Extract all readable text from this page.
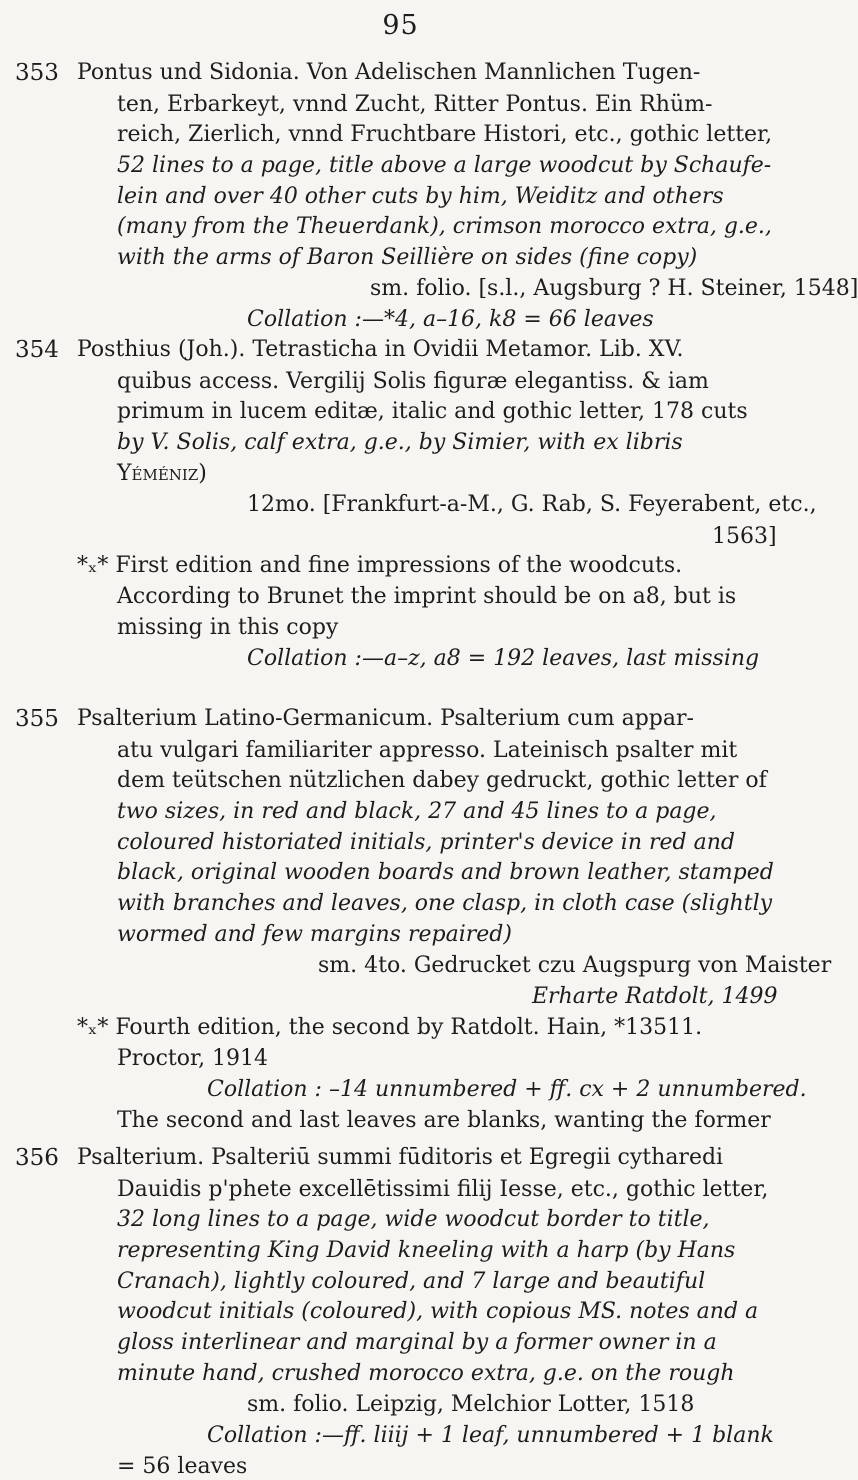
95
353 Pontus und Sidonia. Von Adelischen Mannlichen Tugen-
ten, Erbarkeyt, vnnd Zucht, Ritter Pontus. Ein Rhüm-
reich, Zierlich, vnnd Fruchtbare Histori, etc., gothic letter,
52 lines to a page, title above a large woodcut by Schaufe-
lein and over 40 other cuts by him, Weiditz and others
(many from the Theuerdank), crimson morocco extra, g.e.,
with the arms of Baron Seillière on sides (fine copy)
sm. folio. [s.l., Augsburg ? H. Steiner, 1548]
Collation :—*4, a–16, k8 = 66 leaves
354 Posthius (Joh.). Tetrasticha in Ovidii Metamor. Lib. XV.
quibus access. Vergilij Solis figuræ elegantiss. & iam
primum in lucem editæ, italic and gothic letter, 178 cuts
by V. Solis, calf extra, g.e., by Simier, with ex libris
Yéméniz)
12mo. [Frankfurt-a-M., G. Rab, S. Feyerabent, etc.,
1563]
*ₓ* First edition and fine impressions of the woodcuts.
According to Brunet the imprint should be on a8, but is
missing in this copy
Collation :—a–z, a8 = 192 leaves, last missing
355 Psalterium Latino-Germanicum. Psalterium cum appar-
atu vulgari familiariter appresso. Lateinisch psalter mit
dem teütschen nützlichen dabey gedruckt, gothic letter of
two sizes, in red and black, 27 and 45 lines to a page,
coloured historiated initials, printer's device in red and
black, original wooden boards and brown leather, stamped
with branches and leaves, one clasp, in cloth case (slightly
wormed and few margins repaired)
sm. 4to. Gedrucket czu Augspurg von Maister
Erharte Ratdolt, 1499
*ₓ* Fourth edition, the second by Ratdolt. Hain, *13511.
Proctor, 1914
Collation : –14 unnumbered + ff. cx + 2 unnumbered.
The second and last leaves are blanks, wanting the former
356 Psalterium. Psalteriū summi fūditoris et Egregii cytharedi
Dauidis p'phete excellētissimi filij Iesse, etc., gothic letter,
32 long lines to a page, wide woodcut border to title,
representing King David kneeling with a harp (by Hans
Cranach), lightly coloured, and 7 large and beautiful
woodcut initials (coloured), with copious MS. notes and a
gloss interlinear and marginal by a former owner in a
minute hand, crushed morocco extra, g.e. on the rough
sm. folio. Leipzig, Melchior Lotter, 1518
Collation :—ff. liiij + 1 leaf, unnumbered + 1 blank
= 56 leaves
